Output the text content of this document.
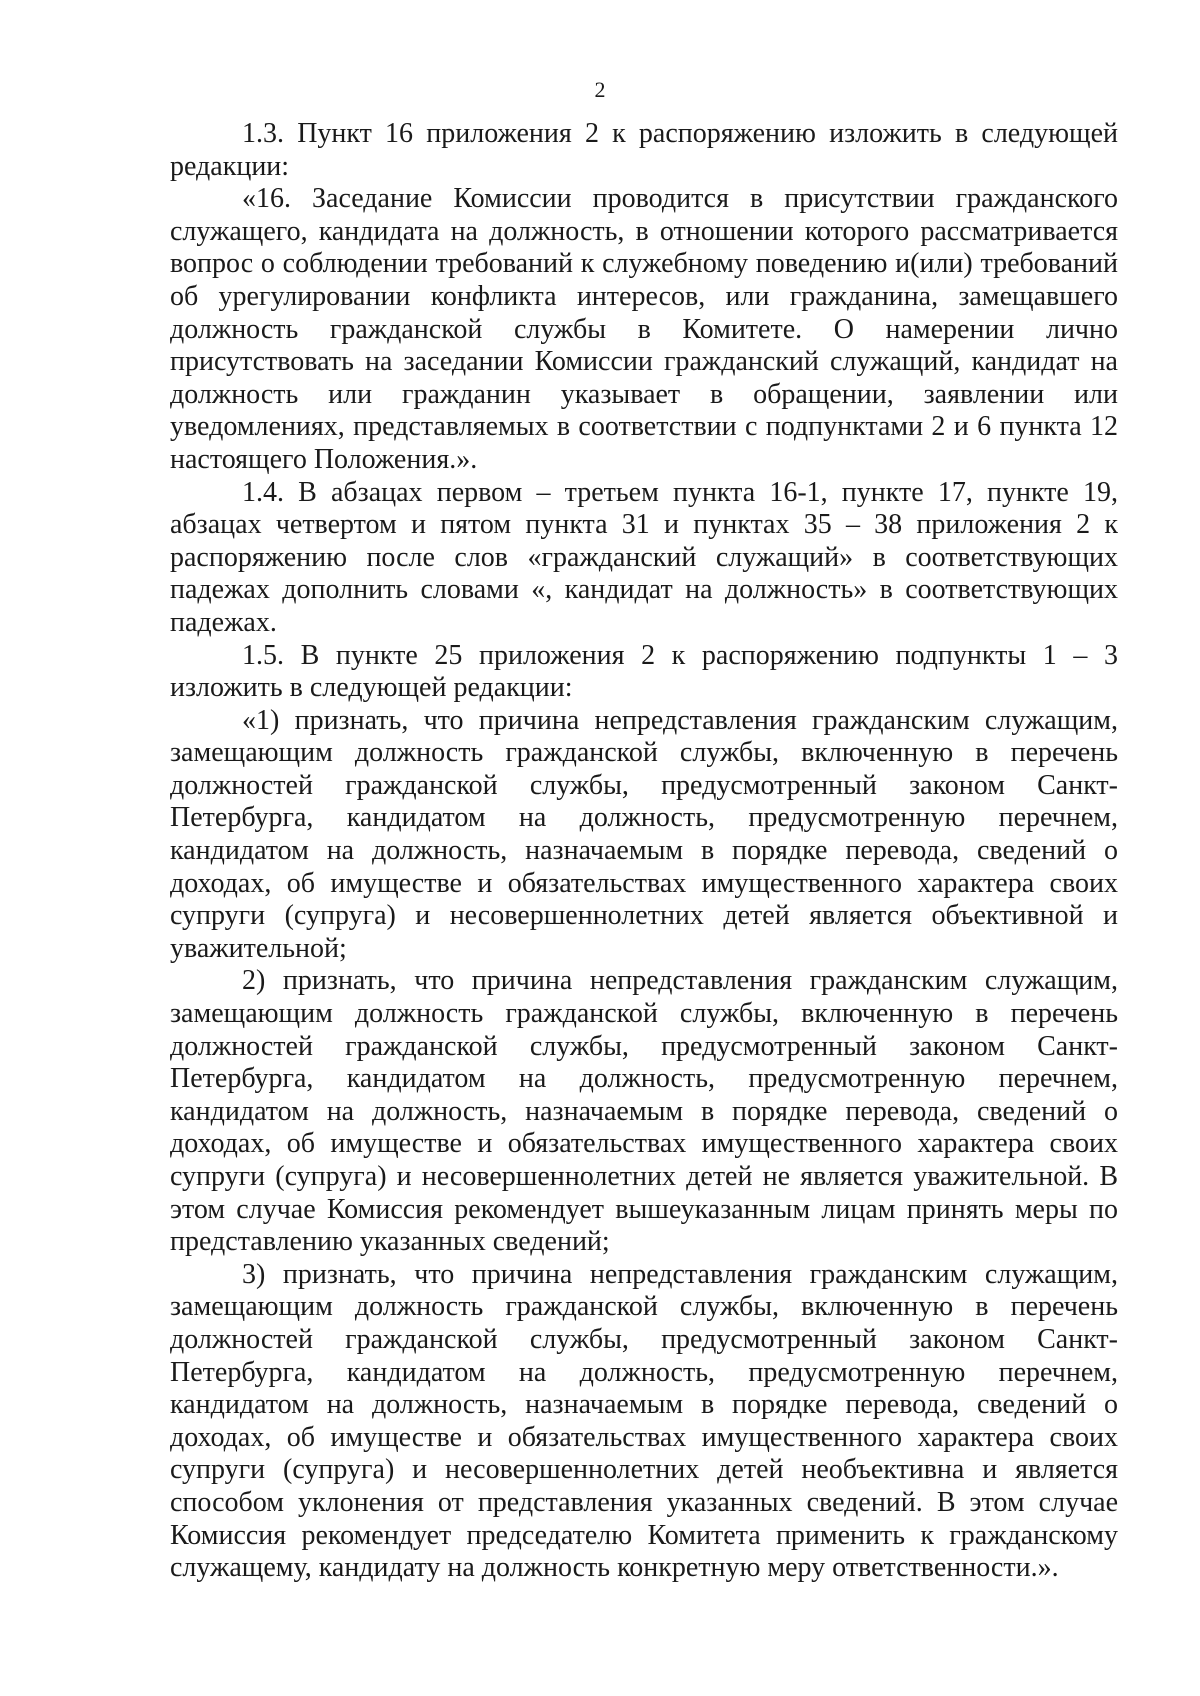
2

1.3. Пункт 16 приложения 2 к распоряжению изложить в следующей редакции:

«16. Заседание Комиссии проводится в присутствии гражданского служащего, кандидата на должность, в отношении которого рассматривается вопрос о соблюдении требований к служебному поведению и(или) требований об урегулировании конфликта интересов, или гражданина, замещавшего должность гражданской службы в Комитете. О намерении лично присутствовать на заседании Комиссии гражданский служащий, кандидат на должность или гражданин указывает в обращении, заявлении или уведомлениях, представляемых в соответствии с подпунктами 2 и 6 пункта 12 настоящего Положения.».

1.4. В абзацах первом – третьем пункта 16-1, пункте 17, пункте 19, абзацах четвертом и пятом пункта 31 и пунктах 35 – 38 приложения 2 к распоряжению после слов «гражданский служащий» в соответствующих падежах дополнить словами «, кандидат на должность» в соответствующих падежах.

1.5. В пункте 25 приложения 2 к распоряжению подпункты 1 – 3 изложить в следующей редакции:

«1) признать, что причина непредставления гражданским служащим, замещающим должность гражданской службы, включенную в перечень должностей гражданской службы, предусмотренный законом Санкт-Петербурга, кандидатом на должность, предусмотренную перечнем, кандидатом на должность, назначаемым в порядке перевода, сведений о доходах, об имуществе и обязательствах имущественного характера своих супруги (супруга) и несовершеннолетних детей является объективной и уважительной;

2) признать, что причина непредставления гражданским служащим, замещающим должность гражданской службы, включенную в перечень должностей гражданской службы, предусмотренный законом Санкт-Петербурга, кандидатом на должность, предусмотренную перечнем, кандидатом на должность, назначаемым в порядке перевода, сведений о доходах, об имуществе и обязательствах имущественного характера своих супруги (супруга) и несовершеннолетних детей не является уважительной. В этом случае Комиссия рекомендует вышеуказанным лицам принять меры по представлению указанных сведений;

3) признать, что причина непредставления гражданским служащим, замещающим должность гражданской службы, включенную в перечень должностей гражданской службы, предусмотренный законом Санкт-Петербурга, кандидатом на должность, предусмотренную перечнем, кандидатом на должность, назначаемым в порядке перевода, сведений о доходах, об имуществе и обязательствах имущественного характера своих супруги (супруга) и несовершеннолетних детей необъективна и является способом уклонения от представления указанных сведений. В этом случае Комиссия рекомендует председателю Комитета применить к гражданскому служащему, кандидату на должность конкретную меру ответственности.».
